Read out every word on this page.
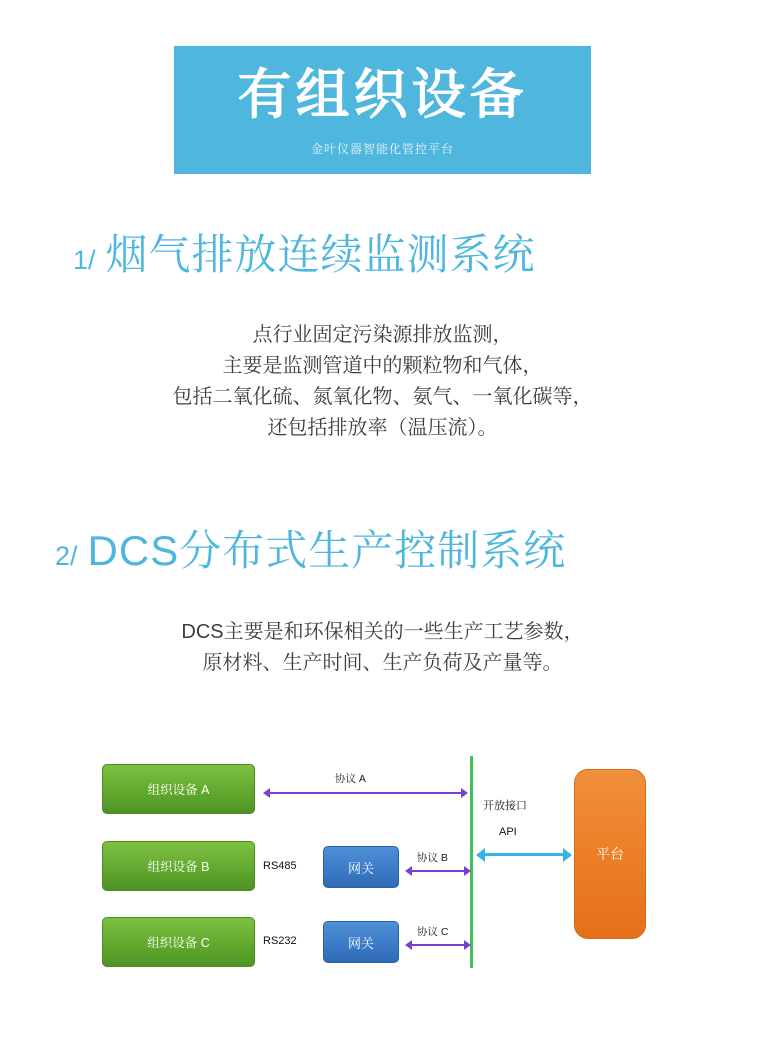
有组织设备
金叶仪器智能化管控平台
1/ 烟气排放连续监测系统

点行业固定污染源排放监测，

主要是监测管道中的颗粒物和气体，

包括二氧化硫、氮氧化物、氨气、一氧化碳等，

还包括排放率（温压流）。

2/ DCS分布式生产控制系统

DCS主要是和环保相关的一些生产工艺参数，

原材料、生产时间、生产负荷及产量等。

组织设备 A
组织设备 B
组织设备 C
网关
网关
平台
RS485
RS232
协议 A
协议 B
协议 C
开放接口
API
